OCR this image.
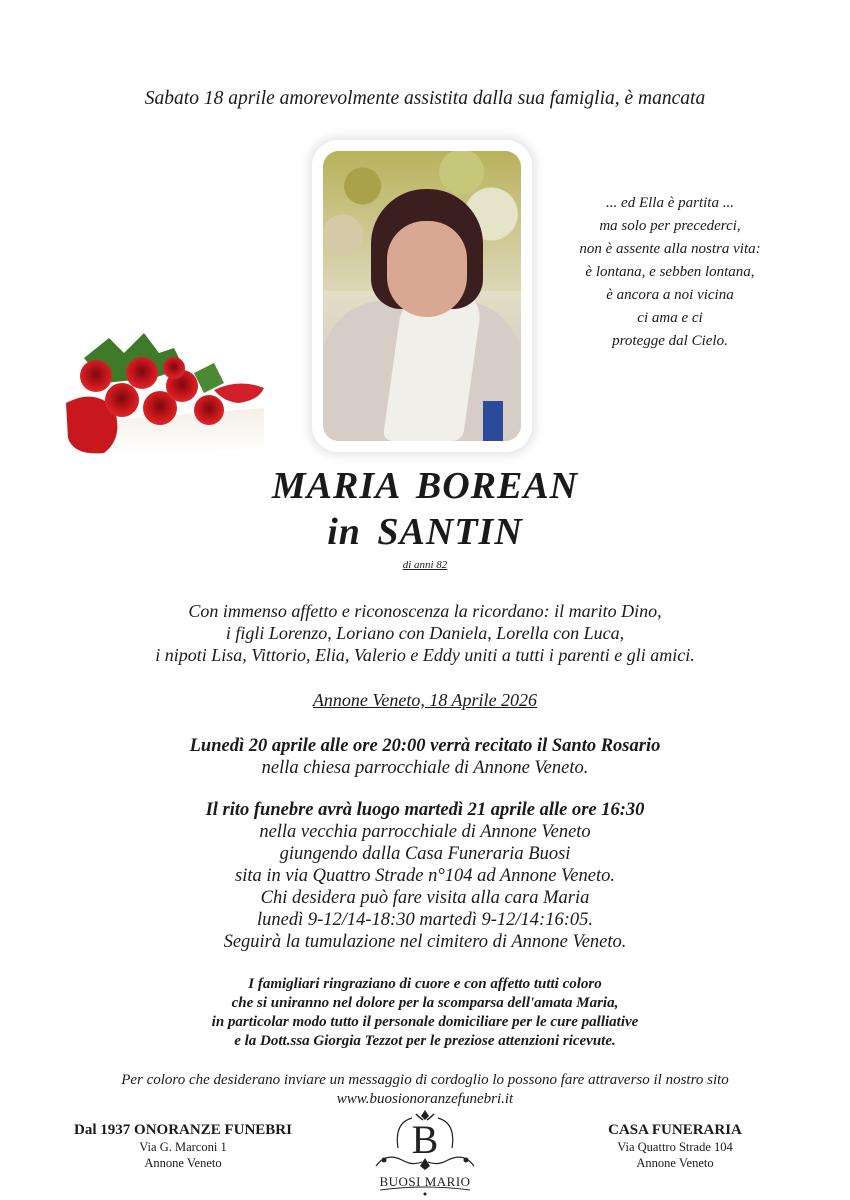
Sabato 18 aprile amorevolmente assistita dalla sua famiglia, è mancata
... ed Ella è partita ...
ma solo per precederci,
non è assente alla nostra vita:
è lontana, e sebben lontana,
è ancora a noi vicina
ci ama e ci
protegge dal Cielo.
MARIA BOREAN
in SANTIN
di anni 82
Con immenso affetto e riconoscenza la ricordano: il marito Dino,
i figli Lorenzo, Loriano con Daniela, Lorella con Luca,
i nipoti Lisa, Vittorio, Elia, Valerio e Eddy uniti a tutti i parenti e gli amici.
Annone Veneto, 18 Aprile 2026
Lunedì 20 aprile alle ore 20:00 verrà recitato il Santo Rosario
nella chiesa parrocchiale di Annone Veneto.
Il rito funebre avrà luogo martedì 21 aprile alle ore 16:30
nella vecchia parrocchiale di Annone Veneto
giungendo dalla Casa Funeraria Buosi
sita in via Quattro Strade n°104 ad Annone Veneto.
Chi desidera può fare visita alla cara Maria
lunedì 9-12/14-18:30 martedì 9-12/14:16:05.
Seguirà la tumulazione nel cimitero di Annone Veneto.
I famigliari ringraziano di cuore e con affetto tutti coloro
che si uniranno nel dolore per la scomparsa dell'amata Maria,
in particolar modo tutto il personale domiciliare per le cure palliative
e la Dott.ssa Giorgia Tezzot per le preziose attenzioni ricevute.
Per coloro che desiderano inviare un messaggio di cordoglio lo possono fare attraverso il nostro sito
www.buosionoranzefunebri.it
Dal 1937 ONORANZE FUNEBRI
Via G. Marconi 1
Annone Veneto
B
BUOSI MARIO
CASA FUNERARIA
Via Quattro Strade 104
Annone Veneto
